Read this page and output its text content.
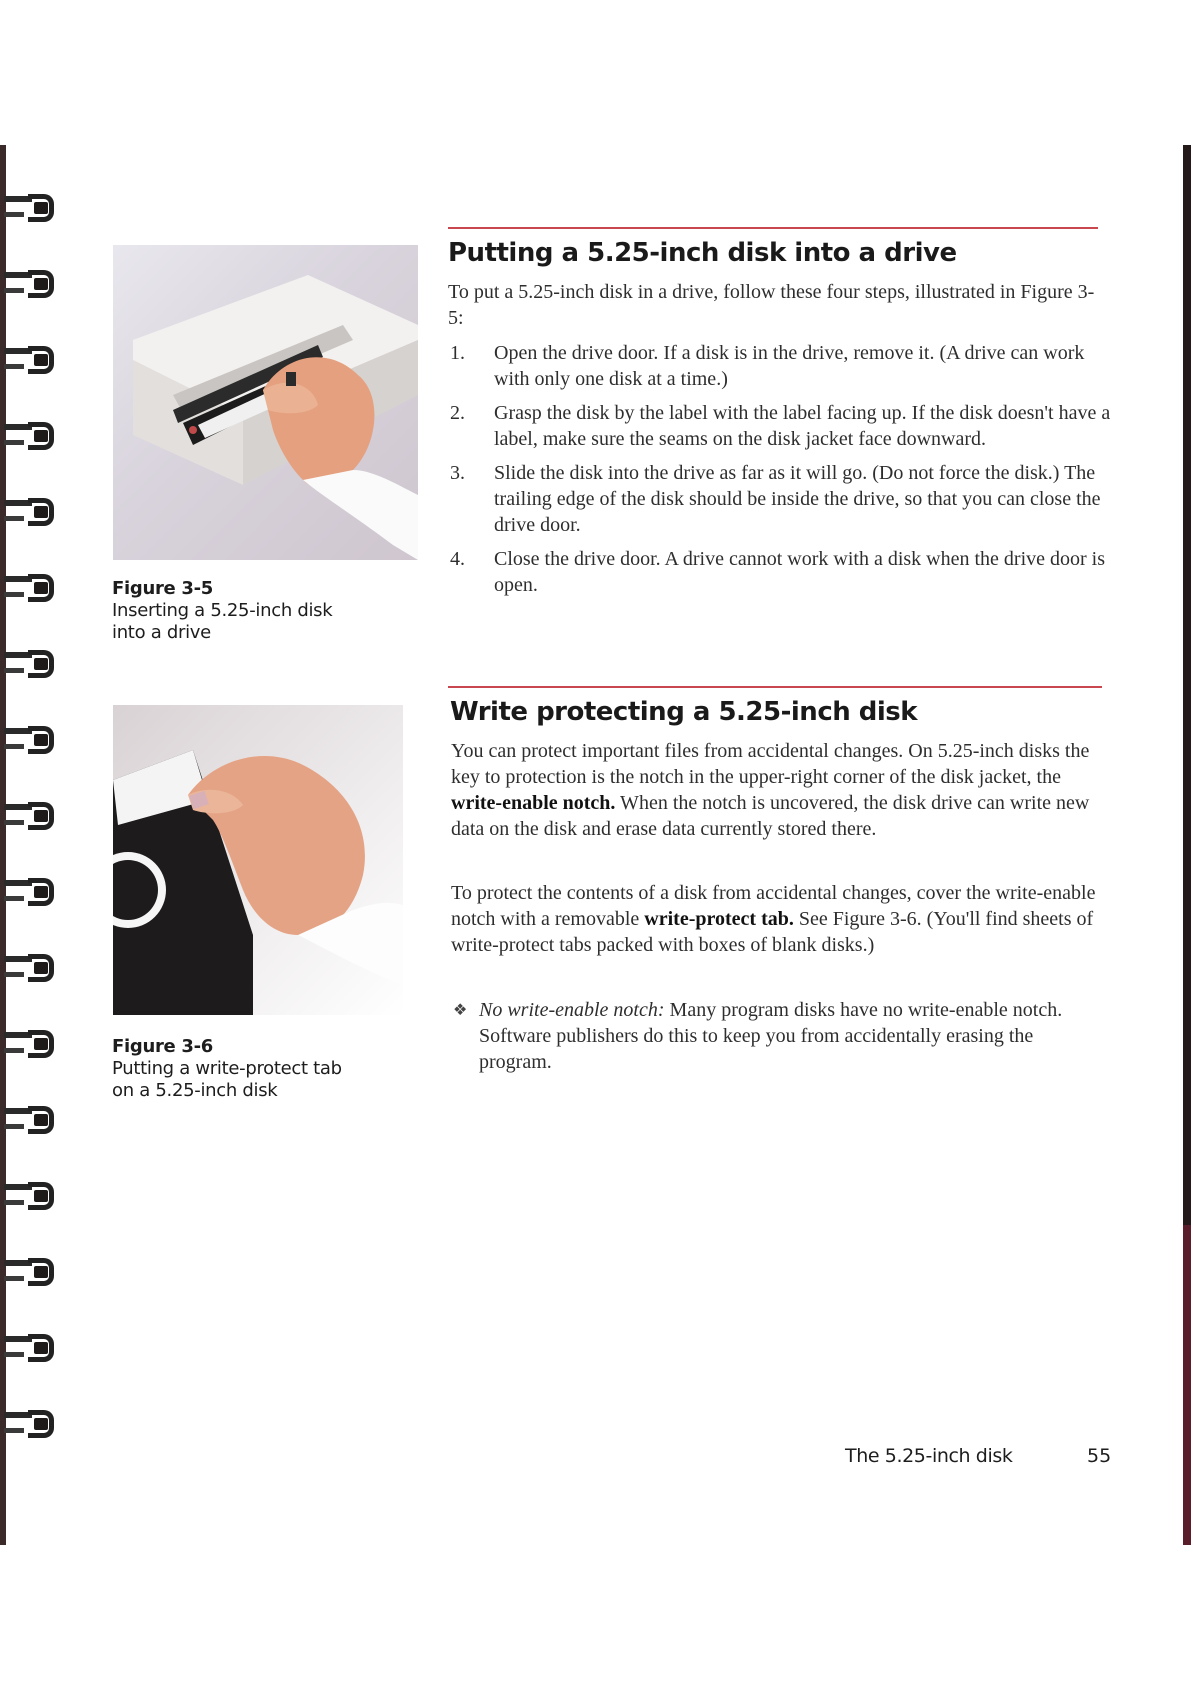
Figure 3-5
Inserting a 5.25-inch disk
into a drive
Figure 3-6
Putting a write-protect tab
on a 5.25-inch disk
Putting a 5.25-inch disk into a drive

To put a 5.25-inch disk in a drive, follow these four steps, illustrated in Figure 3-5:

1. Open the drive door. If a disk is in the drive, remove it. (A drive can work with only one disk at a time.)
2. Grasp the disk by the label with the label facing up. If the disk doesn't have a label, make sure the seams on the disk jacket face downward.
3. Slide the disk into the drive as far as it will go. (Do not force the disk.) The trailing edge of the disk should be inside the drive, so that you can close the drive door.
4. Close the drive door. A drive cannot work with a disk when the drive door is open.
Write protecting a 5.25-inch disk

You can protect important files from accidental changes. On 5.25-inch disks the key to protection is the notch in the upper-right corner of the disk jacket, the write-enable notch. When the notch is uncovered, the disk drive can write new data on the disk and erase data currently stored there.

To protect the contents of a disk from accidental changes, cover the write-enable notch with a removable write-protect tab. See Figure 3-6. (You'll find sheets of write-protect tabs packed with boxes of blank disks.)

❖ No write-enable notch: Many program disks have no write-enable notch. Software publishers do this to keep you from accidentally erasing the program.
The 5.25-inch disk	55
